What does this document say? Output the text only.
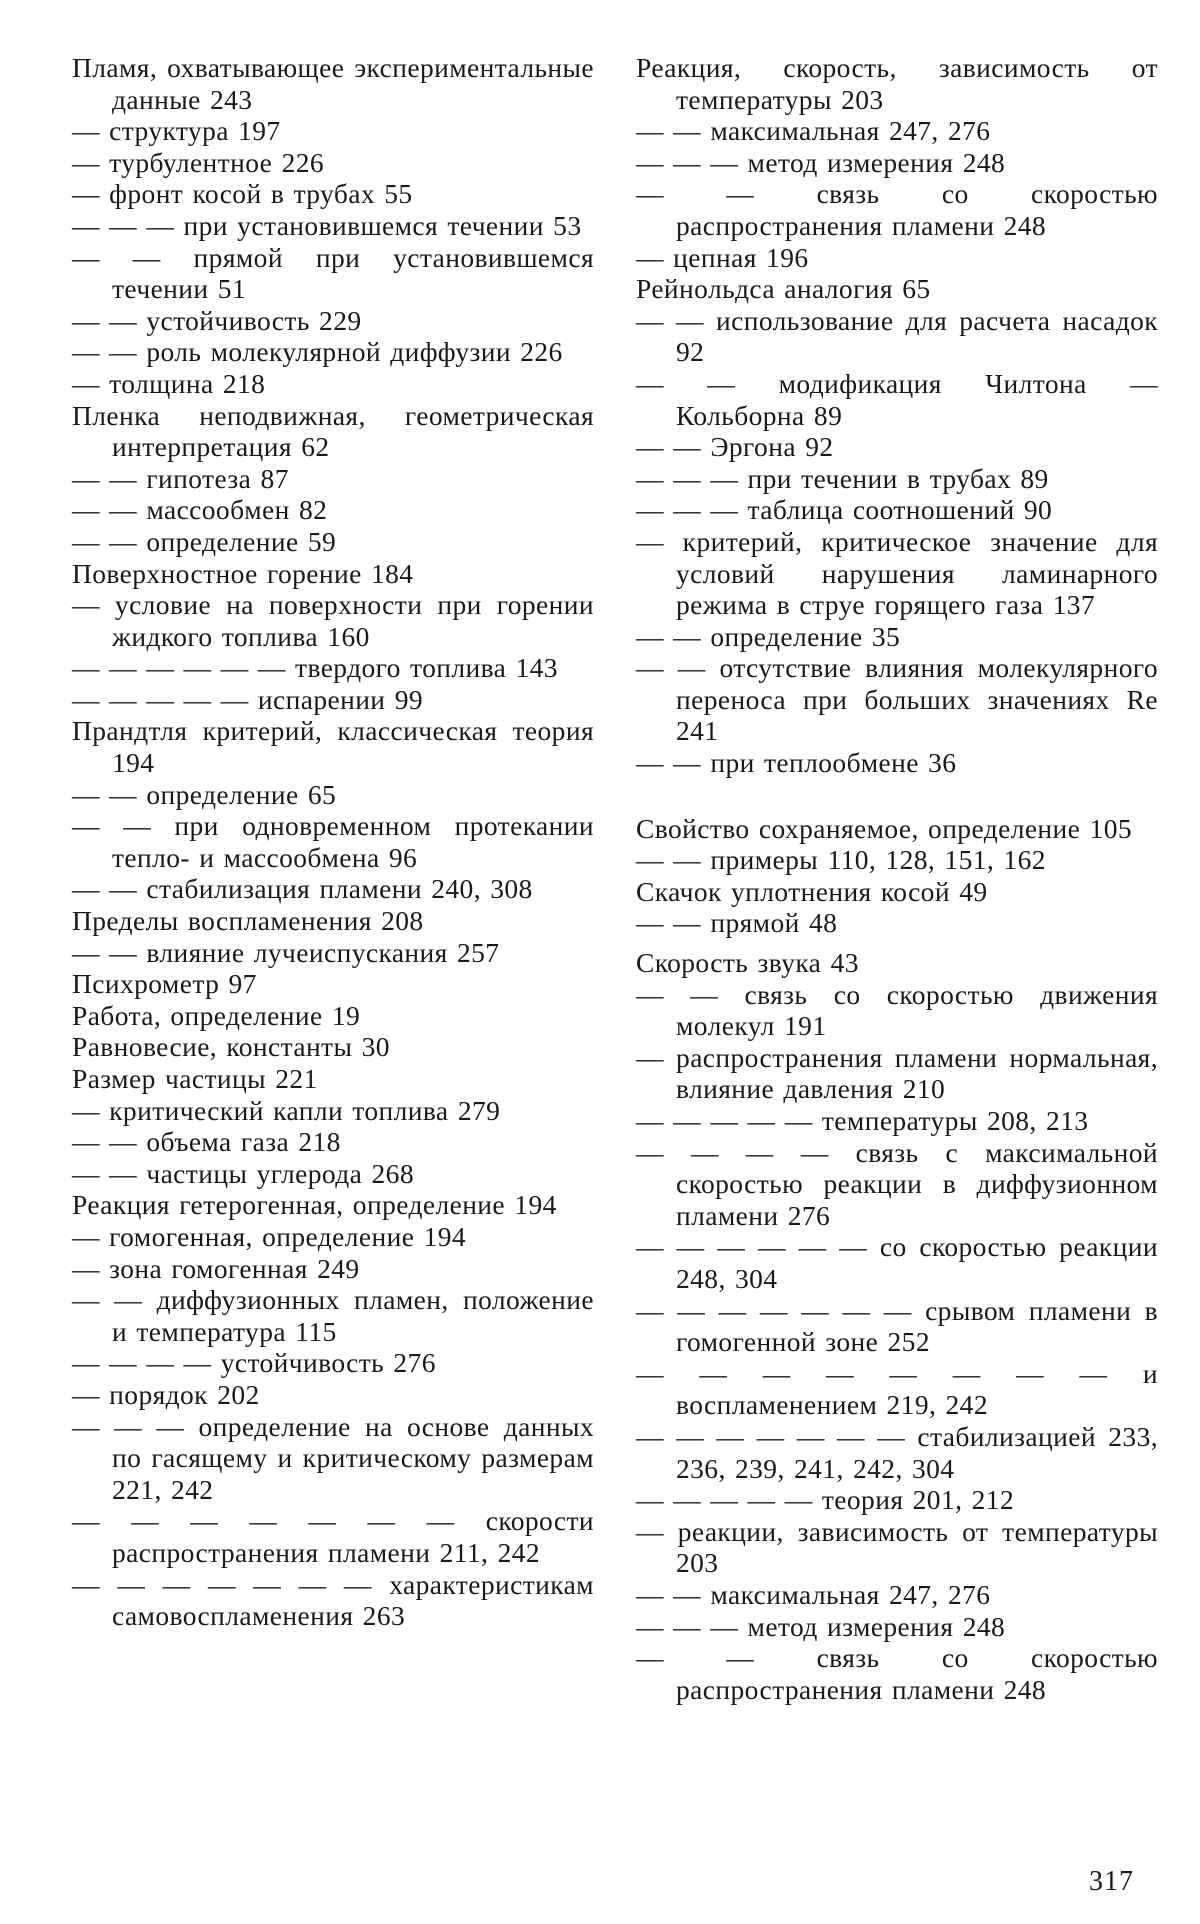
Пламя, охватывающее экспериментальные данные 243

— структура 197

— турбулентное 226

— фронт косой в трубах 55

— — — при установившемся течении 53

— — прямой при установившемся течении 51

— — устойчивость 229

— — роль молекулярной диффузии 226

— толщина 218

Пленка неподвижная, геометрическая интерпретация 62

— — гипотеза 87

— — массообмен 82

— — определение 59

Поверхностное горение 184

— условие на поверхности при горении жидкого топлива 160

— — — — — — твердого топлива 143

— — — — — испарении 99

Прандтля критерий, классическая теория 194

— — определение 65

— — при одновременном протекании тепло- и массообмена 96

— — стабилизация пламени 240, 308

Пределы воспламенения 208

— — влияние лучеиспускания 257

Психрометр 97

Работа, определение 19

Равновесие, константы 30

Размер частицы 221

— критический капли топлива 279

— — объема газа 218

— — частицы углерода 268

Реакция гетерогенная, определение 194

— гомогенная, определение 194

— зона гомогенная 249

— — диффузионных пламен, положение и температура 115

— — — — устойчивость 276

— порядок 202

— — — определение на основе данных по гасящему и критическому размерам 221, 242

— — — — — — — скорости распространения пламени 211, 242

— — — — — — — характеристикам самовоспламенения 263

Реакция, скорость, зависимость от температуры 203

— — максимальная 247, 276

— — — метод измерения 248

— — связь со скоростью распространения пламени 248

— цепная 196

Рейнольдса аналогия 65

— — использование для расчета насадок 92

— — модификация Чилтона — Кольборна 89

— — Эргона 92

— — — при течении в трубах 89

— — — таблица соотношений 90

— критерий, критическое значение для условий нарушения ламинарного режима в струе горящего газа 137

— — определение 35

— — отсутствие влияния молекулярного переноса при больших значениях Re 241

— — при теплообмене 36

Свойство сохраняемое, определение 105

— — примеры 110, 128, 151, 162

Скачок уплотнения косой 49

— — прямой 48

Скорость звука 43

— — связь со скоростью движения молекул 191

— распространения пламени нормальная, влияние давления 210

— — — — — температуры 208, 213

— — — — связь с максимальной скоростью реакции в диффузионном пламени 276

— — — — — — со скоростью реакции 248, 304

— — — — — — — срывом пламени в гомогенной зоне 252

— — — — — — — — и воспламенением 219, 242

— — — — — — — стабилизацией 233, 236, 239, 241, 242, 304

— — — — — теория 201, 212

— реакции, зависимость от температуры 203

— — максимальная 247, 276

— — — метод измерения 248

— — связь со скоростью распространения пламени 248

317
